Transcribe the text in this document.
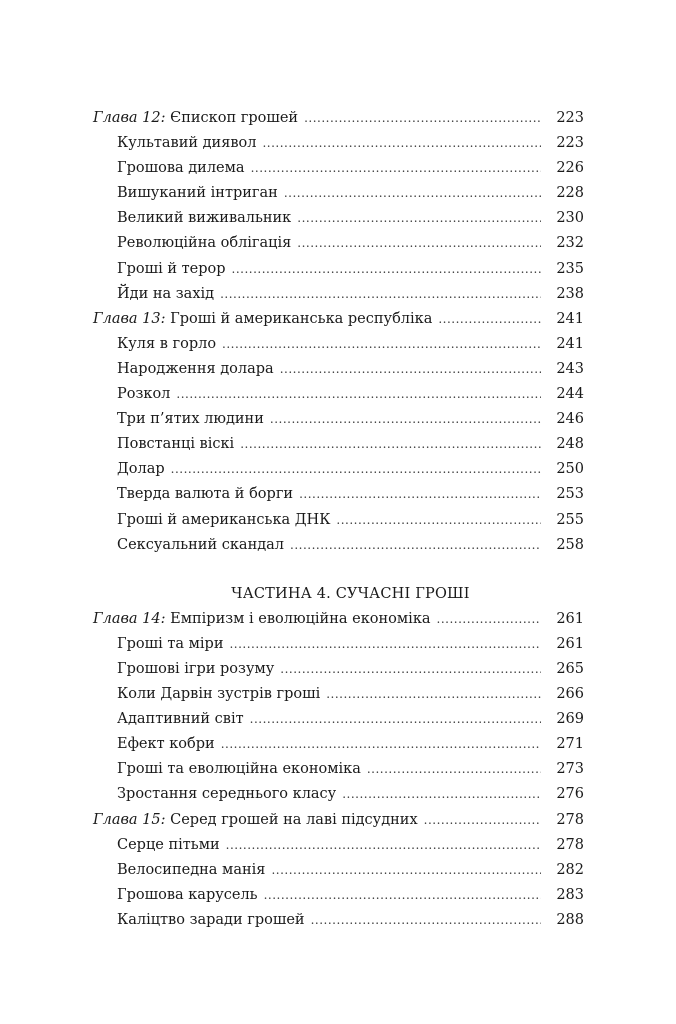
Глава 12: Єпископ грошей .....	223
Культавий диявол .....	223
Грошова дилема .....	226
Вишуканий інтриган .....	228
Великий виживальник .....	230
Революційна облігація .....	232
Гроші й терор .....	235
Йди на захід .....	238
Глава 13: Гроші й американська республіка .....	241
Куля в горло .....	241
Народження долара .....	243
Розкол .....	244
Три п’ятих людини .....	246
Повстанці віскі .....	248
Долар .....	250
Тверда валюта й борги .....	253
Гроші й американська ДНК .....	255
Сексуальний скандал .....	258
ЧАСТИНА 4. СУЧАСНІ ГРОШІ
Глава 14: Емпіризм і еволюційна економіка .....	261
Гроші та міри .....	261
Грошові ігри розуму .....	265
Коли Дарвін зустрів гроші .....	266
Адаптивний світ .....	269
Ефект кобри .....	271
Гроші та еволюційна економіка .....	273
Зростання середнього класу .....	276
Глава 15: Серед грошей на лаві підсудних .....	278
Серце пітьми .....	278
Велосипедна манія .....	282
Грошова карусель .....	283
Каліцтво заради грошей .....	288
